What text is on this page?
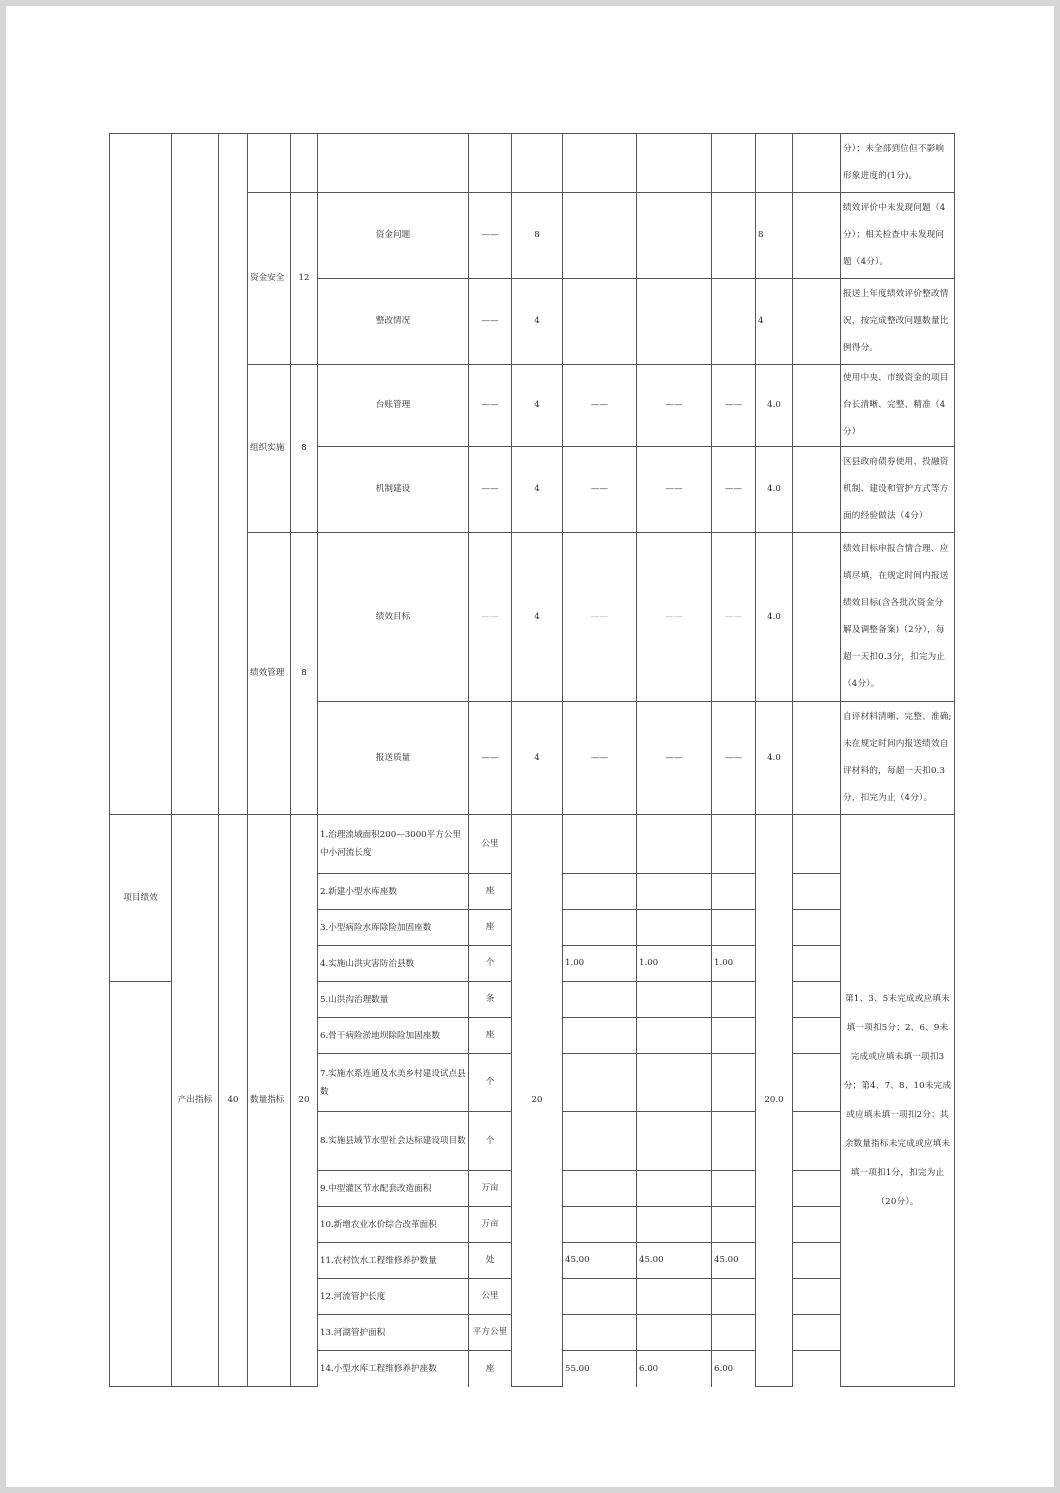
													分）；未全部到位但不影响形象进度的(1分)。
			资金安全	12	资金问题	——	8				8		绩效评价中未发现问题（4分）；相关检查中未发现问题（4分）。
					整改情况	——	4				4		报送上年度绩效评价整改情况，按完成整改问题数量比例得分。
			组织实施	8	台账管理	——	4	——	——	——	4.0		使用中央、市级资金的项目台长清晰、完整、精准（4分）
					机制建设	——	4	——	——	——	4.0		区县政府债券使用、投融资机制、建设和管护方式等方面的经验做法（4分）
			绩效管理	8	绩效目标	——	4	——	——	——	4.0		绩效目标申报合情合理、应填尽填，在规定时间内报送绩效目标(含各批次资金分解及调整备案)（2分），每超一天扣0.3分，扣完为止（4分）。
					报送质量	——	4	——	——	——	4.0		自评材料清晰、完整、准确;未在规定时间内报送绩效自评材料的，每超一天扣0.3分，扣完为止（4分）。
项目绩效	产出指标	40	数量指标	20	1.治理流域面积200—3000平方公里中小河流长度	公里	20				20.0		第1、3、5未完成或应填未填一项扣5分；2、6、9未完成或应填未填一项扣3分；第4、7、8、10未完成或应填未填一项扣2分；其余数量指标未完成或应填未填一项扣1分，扣完为止（20分）。
					2.新建小型水库座数	座							
					3.小型病险水库除险加固座数	座							
					4.实施山洪灾害防治县数	个		1.00	1.00	1.00			
					5.山洪沟治理数量	条							
					6.骨干病险淤地坝除险加固座数	座							
					7.实施水系连通及水美乡村建设试点县数	个							
					8.实施县域节水型社会达标建设项目数	个							
					9.中型灌区节水配套改造面积	万亩							
					10.新增农业水价综合改革面积	万亩							
					11.农村饮水工程维修养护数量	处		45.00	45.00	45.00			
					12.河流管护长度	公里							
					13.河湖管护面积	平方公里							
					14.小型水库工程维修养护座数	座		55.00	6.00	6.00			
